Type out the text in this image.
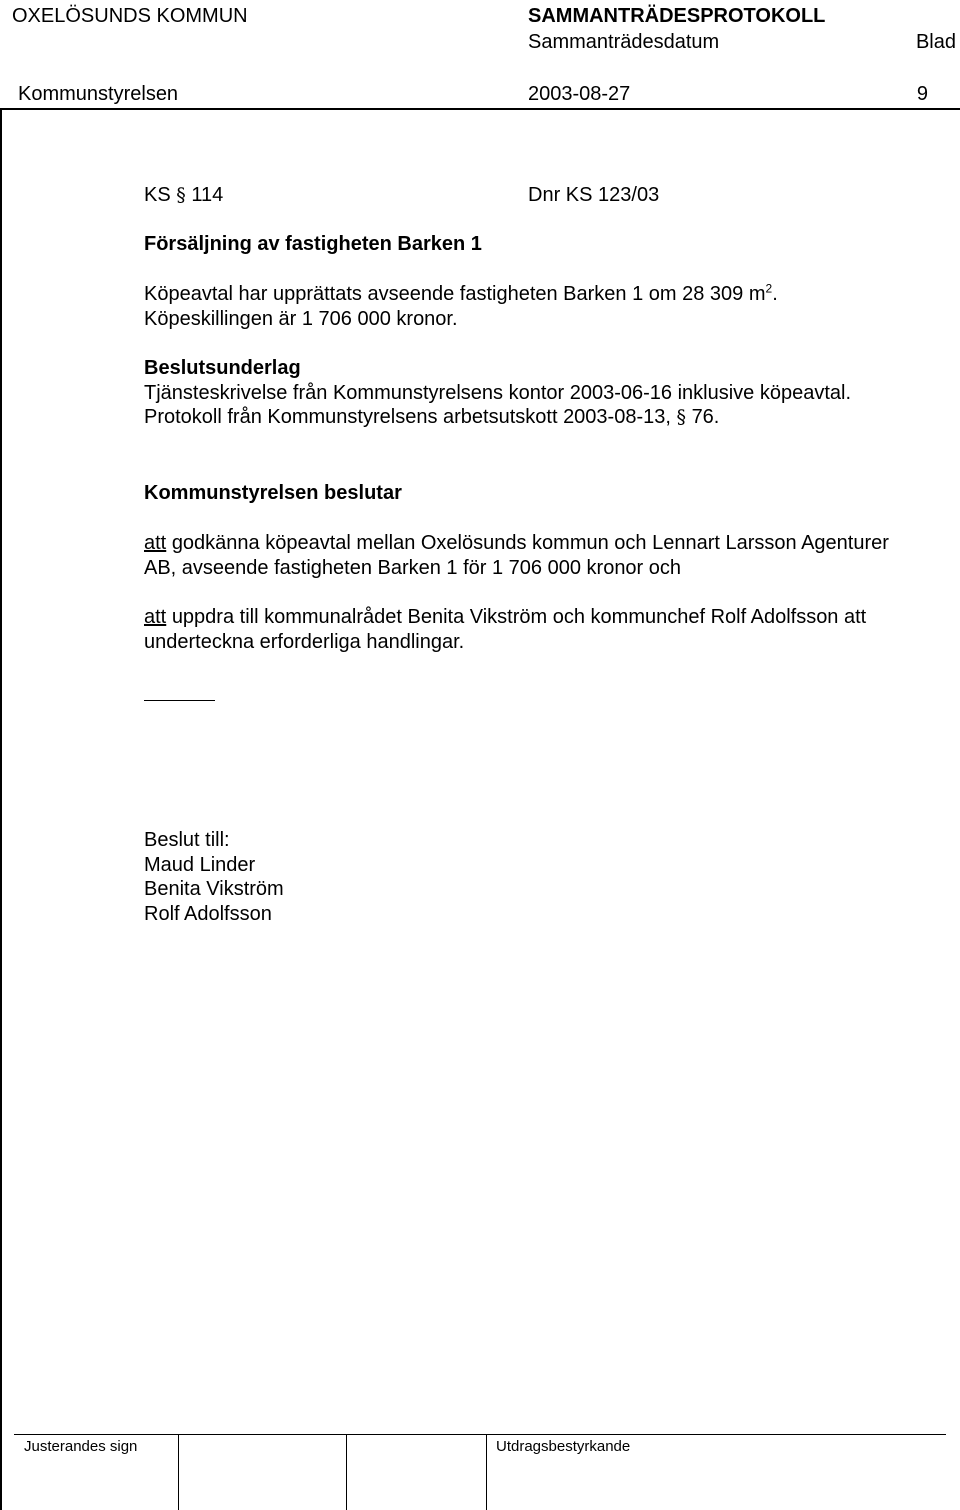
OXELÖSUNDS KOMMUN	SAMMANTRÄDESPROTOKOLL
Sammanträdesdatum	Blad
Kommunstyrelsen	2003-08-27	9
KS § 114	Dnr KS 123/03
Försäljning av fastigheten Barken 1
Köpeavtal har upprättats avseende fastigheten Barken 1 om 28 309 $m^2$.
Köpeskillingen är 1 706 000 kronor.
Beslutsunderlag
Tjänsteskrivelse från Kommunstyrelsens kontor 2003-06-16 inklusive köpeavtal.
Protokoll från Kommunstyrelsens arbetsutskott 2003-08-13, § 76.
Kommunstyrelsen beslutar
att godkänna köpeavtal mellan Oxelösunds kommun och Lennart Larsson Agenturer
AB, avseende fastigheten Barken 1 för 1 706 000 kronor och
att uppdra till kommunalrådet Benita Vikström och kommunchef Rolf Adolfsson att
underteckna erforderliga handlingar.
Beslut till:
Maud Linder
Benita Vikström
Rolf Adolfsson
Justerandes sign	Utdragsbestyrkande
